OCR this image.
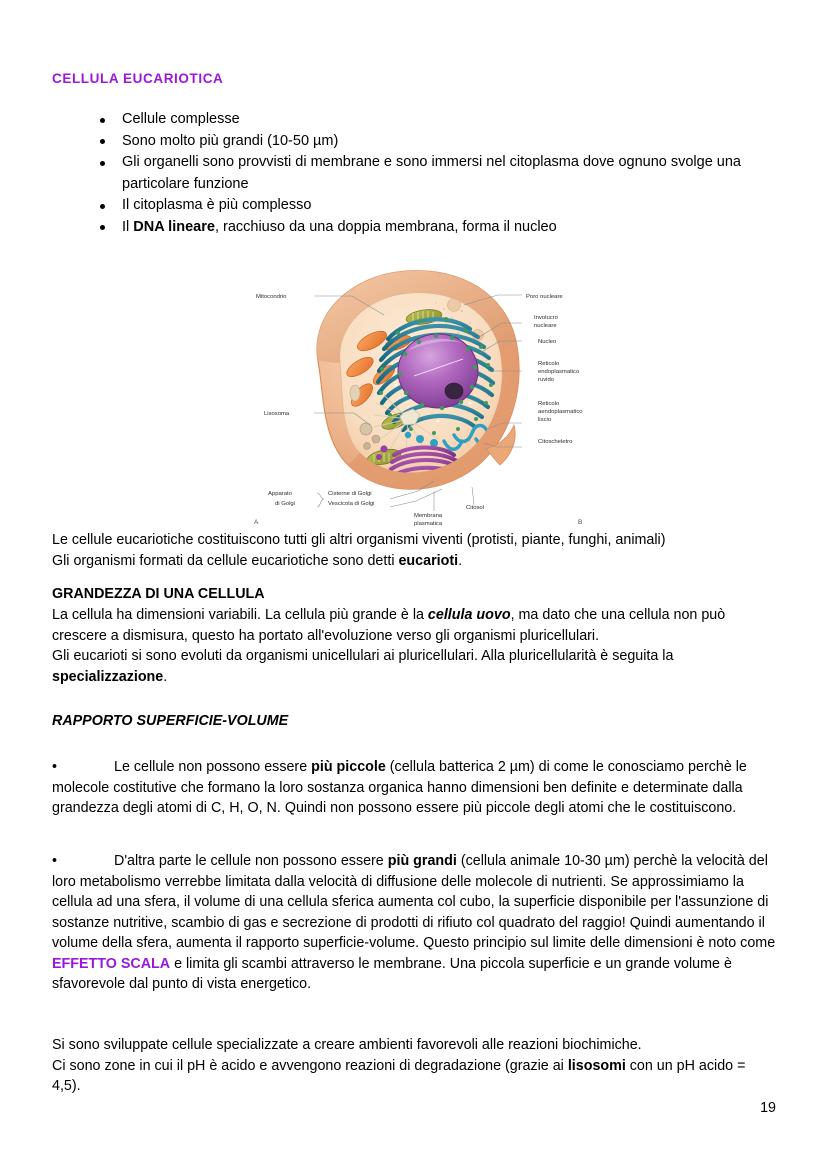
CELLULA EUCARIOTICA
Cellule complesse
Sono molto più grandi (10-50 µm)
Gli organelli sono provvisti di membrane e sono immersi nel citoplasma dove ognuno svolge una particolare funzione
Il citoplasma è più complesso
Il DNA lineare, racchiuso da una doppia membrana, forma il nucleo
Mitocondrio
Lisosoma
Poro nucleare
Involucro
nucleare
Nucleo
Reticolo
endoplasmatico
ruvido
Reticolo
aendoplasmatico
liscio
Citoscheletro
Apparato
di Golgi
Cisterne di Golgi
Vescicola di Golgi
Membrana
plasmatica
Citosol
A	B
Le cellule eucariotiche costituiscono tutti gli altri organismi viventi (protisti, piante, funghi, animali)
Gli organismi formati da cellule eucariotiche sono detti eucarioti.
GRANDEZZA DI UNA CELLULA
La cellula ha dimensioni variabili. La cellula più grande è la cellula uovo, ma dato che una cellula non può crescere a dismisura, questo ha portato all'evoluzione verso gli organismi pluricellulari.
Gli eucarioti si sono evoluti da organismi unicellulari ai pluricellulari. Alla pluricellularità è seguita la specializzazione.
RAPPORTO SUPERFICIE-VOLUME
•	Le cellule non possono essere più piccole (cellula batterica 2 µm) di come le conosciamo perchè le molecole costitutive che formano la loro sostanza organica hanno dimensioni ben definite e determinate dalla grandezza degli atomi di C, H, O, N. Quindi non possono essere più piccole degli atomi che le costituiscono.
•	D'altra parte le cellule non possono essere più grandi (cellula animale 10-30 µm) perchè la velocità del loro metabolismo verrebbe limitata dalla velocità di diffusione delle molecole di nutrienti. Se approssimiamo la cellula ad una sfera, il volume di una cellula sferica aumenta col cubo, la superficie disponibile per l'assunzione di sostanze nutritive, scambio di gas e secrezione di prodotti di rifiuto col quadrato del raggio! Quindi aumentando il volume della sfera, aumenta il rapporto superficie-volume. Questo principio sul limite delle dimensioni è noto come EFFETTO SCALA e limita gli scambi attraverso le membrane. Una piccola superficie e un grande volume è sfavorevole dal punto di vista energetico.
Si sono sviluppate cellule specializzate a creare ambienti favorevoli alle reazioni biochimiche.
Ci sono zone in cui il pH è acido e avvengono reazioni di degradazione (grazie ai lisosomi con un pH acido = 4,5).
19
